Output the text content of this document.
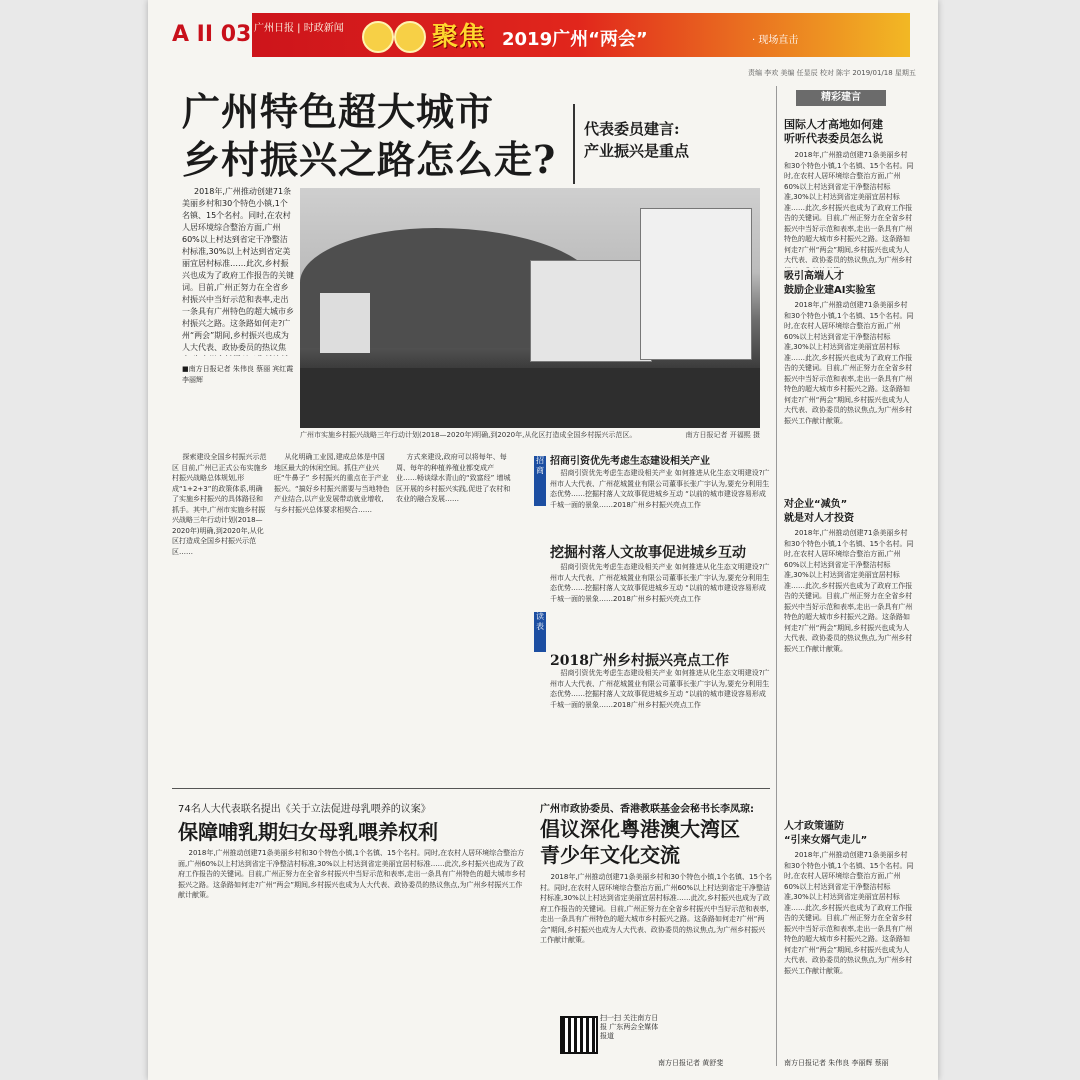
A II 03 广州日报 | 时政新闻	聚焦 2019广州“两会”	· 现场直击
责编 李欢 美编 任显辰 校对 陈宇 2019/01/18 星期五
广州特色超大城市
乡村振兴之路怎么走?
代表委员建言:
产业振兴是重点
2018年,广州推动创建71条美丽乡村和30个特色小镇,1个名镇、15个名村。同时,在农村人居环境综合整治方面,广州60%以上村达到省定干净整洁村标准,30%以上村达到省定美丽宜居村标准……此次,乡村振兴也成为了政府工作报告的关键词。目前,广州正努力在全省乡村振兴中当好示范和表率,走出一条具有广州特色的超大城市乡村振兴之路。这条路如何走?广州“两会”期间,乡村振兴也成为人大代表、政协委员的热议焦
■南方日报记者 朱伟良 蔡丽 宾红霞 李丽辉
广州市实施乡村振兴战略三年行动计划(2018—2020年)明确,到2020年,从化区打造成全国乡村振兴示范区。	南方日报记者 开福熙 摄
探索建设全国乡村振兴示范区 目前,广州已正式公布实施乡村振兴战略总体规划,形成“1+2+3”的政策体系,明确了实施乡村振兴的具体路径和抓手。其中,广州市实施乡村振兴战略三年行动计划(2018—2020年)明确,到2020年,从化区打造成全国乡村振兴示范区……
从化明确工业园,建成总体是中国地区最大的休闲空间。抓住产业兴旺“牛鼻子” 乡村振兴的重点在于产业振兴。“搞好乡村振兴需要与当地特色产业结合,以产业发展带动就业增收,与乡村振兴总体要求相契合……
方式来建设,政府可以将每年、每周、每年的种植养殖业都变成产业……畅谈绿水青山的“致富经” 增城区开展的乡村振兴实践,促进了农村和农业的融合发展……
招商
招商引资优先考虑生态建设相关产业
招商引资优先考虑生态建设相关产业 如何推进从化生态文明建设?广州市人大代表、广州花城置业有限公司董事长张广宇认为,要充分利用生态优势……挖掘村落人文故事促进城乡互动 “以前的城市建设容易形成千城一面的景象……2018广州乡村振兴亮点工作
挖掘村落人文故事促进城乡互动
招商引资优先考虑生态建设相关产业 如何推进从化生态文明建设?广州市人大代表、广州花城置业有限公司董事长张广宇认为,要充分利用生态优势……挖掘村落人文故事促进城乡互动 “以前的城市建设容易形成千城一面的景象……2018广州乡村振兴亮点工作
读表
2018广州乡村振兴亮点工作
招商引资优先考虑生态建设相关产业 如何推进从化生态文明建设?广州市人大代表、广州花城置业有限公司董事长张广宇认为,要充分利用生态优势……挖掘村落人文故事促进城乡互动 “以前的城市建设容易形成千城一面的景象……2018广州乡村振兴亮点工作
74名人大代表联名提出《关于立法促进母乳喂养的议案》
保障哺乳期妇女母乳喂养权利
2018年,广州推动创建71条美丽乡村和30个特色小镇,1个名镇、15个名村。同时,在农村人居环境综合整治方面,广州60%以上村达到省定干净整洁村标准,30%以上村达到省定美丽宜居村标准……此次,乡村振兴也成为了政府工作报告的关键词。目前,广州正努力在全省乡村振兴中当好示范和表率,走出一条具有广州特色的超大城市乡村振兴之路。这条路如何走?广州“两会”期间,乡村振兴也成为人大代表、政协委员的热议焦点,为广州乡村振兴工作献计献策。
广州市政协委员、香港教联基金会秘书长李凤琼:
倡议深化粤港澳大湾区
青少年文化交流
2018年,广州推动创建71条美丽乡村和30个特色小镇,1个名镇、15个名村。同时,在农村人居环境综合整治方面,广州60%以上村达到省定干净整洁村标准,30%以上村达到省定美丽宜居村标准……此次,乡村振兴也成为了政府工作报告的关键词。目前,广州正努力在全省乡村振兴中当好示范和表率,走出一条具有广州特色的超大城市乡村振兴之路。这条路如何走?广州“两会”期间,乡村振兴也成为人大代表、政协委员的热议焦点,为广州乡村振兴工作献计献策。
南方日报记者 黄舒斐
扫一扫 关注南方日报 广东两会全媒体报道
精彩建言
国际人才高地如何建
听听代表委员怎么说
2018年,广州推动创建71条美丽乡村和30个特色小镇,1个名镇、15个名村。同时,在农村人居环境综合整治方面,广州60%以上村达到省定干净整洁村标准,30%以上村达到省定美丽宜居村标准……此次,乡村振兴也成为了政府工作报告的关键词。目前,广州正努力在全省乡村振兴中当好示范和表率,走出一条具有广州特色的超大城市乡村振兴之路。这条路如何走?广州“两会”期间,乡村振兴也成为人大代表、政协委员的热议焦点,为广州乡村
吸引高端人才
鼓励企业建AI实验室
2018年,广州推动创建71条美丽乡村和30个特色小镇,1个名镇、15个名村。同时,在农村人居环境综合整治方面,广州60%以上村达到省定干净整洁村标准,30%以上村达到省定美丽宜居村标准……此次,乡村振兴也成为了政府工作报告的关键词。目前,广州正努力在全省乡村振兴中当好示范和表率,走出一条具有广州特色的超大城市乡村振兴之路。这条路如何走?广州“两会”期间,乡村振兴也成为人大代表、政协委员的热议焦点,为广州乡村振兴工作献计献策。
对企业“减负”
就是对人才投资
2018年,广州推动创建71条美丽乡村和30个特色小镇,1个名镇、15个名村。同时,在农村人居环境综合整治方面,广州60%以上村达到省定干净整洁村标准,30%以上村达到省定美丽宜居村标准……此次,乡村振兴也成为了政府工作报告的关键词。目前,广州正努力在全省乡村振兴中当好示范和表率,走出一条具有广州特色的超大城市乡村振兴之路。这条路如何走?广州“两会”期间,乡村振兴也成为人大代表、政协委员的热议焦点,为广州乡村振兴工作献计献策。
人才政策谨防
“引来女婿气走儿”
2018年,广州推动创建71条美丽乡村和30个特色小镇,1个名镇、15个名村。同时,在农村人居环境综合整治方面,广州60%以上村达到省定干净整洁村标准,30%以上村达到省定美丽宜居村标准……此次,乡村振兴也成为了政府工作报告的关键词。目前,广州正努力在全省乡村振兴中当好示范和表率,走出一条具有广州特色的超大城市乡村振兴之路。这条路如何走?广州“两会”期间,乡村振兴也成为人大代表、政协委员的热议焦点,为广州乡村振兴工作献计献策。
南方日报记者 朱伟良 李丽辉 蔡丽
